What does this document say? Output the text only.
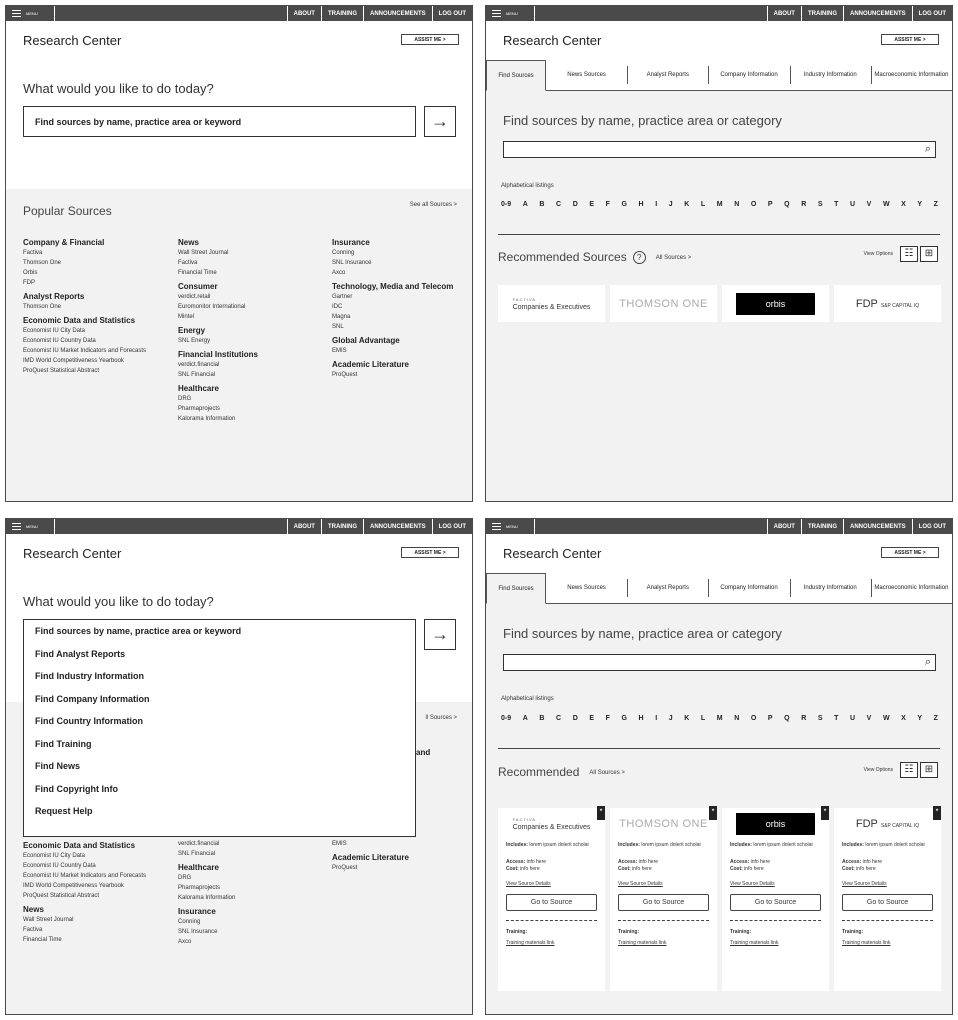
MENU	ABOUT	TRAINING	ANNOUNCEMENTS	LOG OUT
Research Center	ASSIST ME >
What would you like to do today?
Find sources by name, practice area or keyword	→
Popular Sources	See all Sources >
Company & Financial
Factiva
Thomson One
Orbis
FDP
Analyst Reports
Thomson One
Economic Data and Statistics
Economist IU City Data
Economist IU Country Data
Economist IU Market Indicators and Forecasts
IMD World Competitiveness Yearbook
ProQuest Statistical Abstract
News
Wall Street Journal
Factiva
Financial Time
Consumer
verdict.retail
Euromonitor International
Mintel
Energy
SNL Energy
Financial Institutions
verdict.financial
SNL Financial
Healthcare
DRG
Pharmaprojects
Kalorama Information
Insurance
Conning
SNL Insurance
Axco
Technology, Media and Telecom
Gartner
IDC
Magna
SNL
Global Advantage
EMIS
Academic Literature
ProQuest
MENU	ABOUT	TRAINING	ANNOUNCEMENTS	LOG OUT
Research Center	ASSIST ME >
Find Sources	News Sources	Analyst Reports	Company Information	Industry Information	Macroeconomic Information
Find sources by name, practice area or category
⌕
Alphabetical listings
0-9 A B C D E F G H I J K L M N O P Q R S T U V W X Y Z
Recommended Sources ? All Sources >
View Options	☷	⊞
FACTIVA
Companies & Executives	THOMSON ONE	orbis	FDP S&P CAPITAL IQ
MENU	ABOUT	TRAINING	ANNOUNCEMENTS	LOG OUT
Research Center	ASSIST ME >
What would you like to do today?
→
ll Sources >
and
Economic Data and Statistics
Economist IU City Data
Economist IU Country Data
Economist IU Market Indicators and Forecasts
IMD World Competitiveness Yearbook
ProQuest Statistical Abstract
News
Wall Street Journal
Factiva
Financial Time
verdict.financial
SNL Financial
Healthcare
DRG
Pharmaprojects
Kalorama Information
Insurance
Conning
SNL Insurance
Axco
EMIS
Academic Literature
ProQuest
Find sources by name, practice area or keyword
Find Analyst Reports
Find Industry Information
Find Company Information
Find Country Information
Find Training
Find News
Find Copyright Info
Request Help
MENU	ABOUT	TRAINING	ANNOUNCEMENTS	LOG OUT
Research Center	ASSIST ME >
Find Sources	News Sources	Analyst Reports	Company Information	Industry Information	Macroeconomic Information
Find sources by name, practice area or category
⌕
Alphabetical listings
0-9 A B C D E F G H I J K L M N O P Q R S T U V W X Y Z
Recommended All Sources >	View Options	☷	⊞
★
FACTIVA
Companies & Executives
Includes: lorem ipsum dolerit scholat
Access: info here
Cost: info here
View Source Details
Go to Source
Training:
Training materials link
★
THOMSON ONE
Includes: lorem ipsum dolerit scholat
Access: info here
Cost: info here
View Source Details
Go to Source
Training:
Training materials link
★
orbis
Includes: lorem ipsum dolerit scholat
Access: info here
Cost: info here
View Source Details
Go to Source
Training:
Training materials link
★
FDP S&P CAPITAL IQ
Includes: lorem ipsum dolerit scholat
Access: info here
Cost: info here
View Source Details
Go to Source
Training:
Training materials link
